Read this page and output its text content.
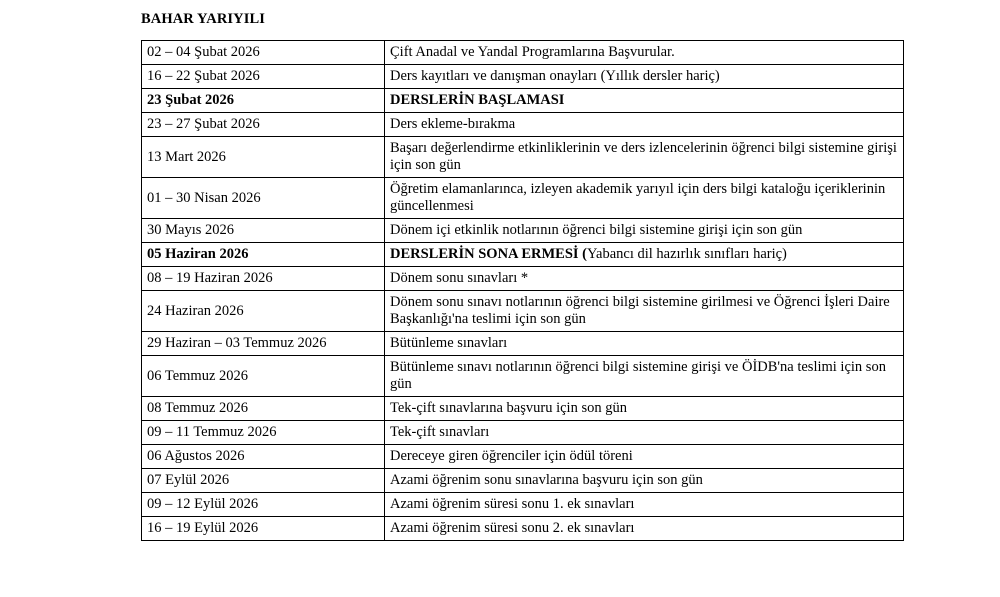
BAHAR YARIYILI
02 – 04 Şubat 2026	Çift Anadal ve Yandal Programlarına Başvurular.
16 – 22 Şubat 2026	Ders kayıtları ve danışman onayları (Yıllık dersler hariç)
23 Şubat 2026	DERSLERİN BAŞLAMASI
23 – 27 Şubat 2026	Ders ekleme-bırakma
13 Mart 2026	Başarı değerlendirme etkinliklerinin ve ders izlencelerinin öğrenci bilgi sistemine girişi için son gün
01 – 30 Nisan 2026	Öğretim elamanlarınca, izleyen akademik yarıyıl için ders bilgi kataloğu içeriklerinin güncellenmesi
30 Mayıs 2026	Dönem içi etkinlik notlarının öğrenci bilgi sistemine girişi için son gün
05 Haziran 2026	DERSLERİN SONA ERMESİ (Yabancı dil hazırlık sınıfları hariç)
08 – 19 Haziran 2026	Dönem sonu sınavları *
24 Haziran 2026	Dönem sonu sınavı notlarının öğrenci bilgi sistemine girilmesi ve Öğrenci İşleri Daire Başkanlığı'na teslimi için son gün
29 Haziran – 03 Temmuz 2026	Bütünleme sınavları
06 Temmuz 2026	Bütünleme sınavı notlarının öğrenci bilgi sistemine girişi ve ÖİDB'na teslimi için son gün
08 Temmuz 2026	Tek-çift sınavlarına başvuru için son gün
09 – 11 Temmuz 2026	Tek-çift sınavları
06 Ağustos 2026	Dereceye giren öğrenciler için ödül töreni
07 Eylül 2026	Azami öğrenim sonu sınavlarına başvuru için son gün
09 – 12 Eylül 2026	Azami öğrenim süresi sonu 1. ek sınavları
16 – 19 Eylül 2026	Azami öğrenim süresi sonu 2. ek sınavları
